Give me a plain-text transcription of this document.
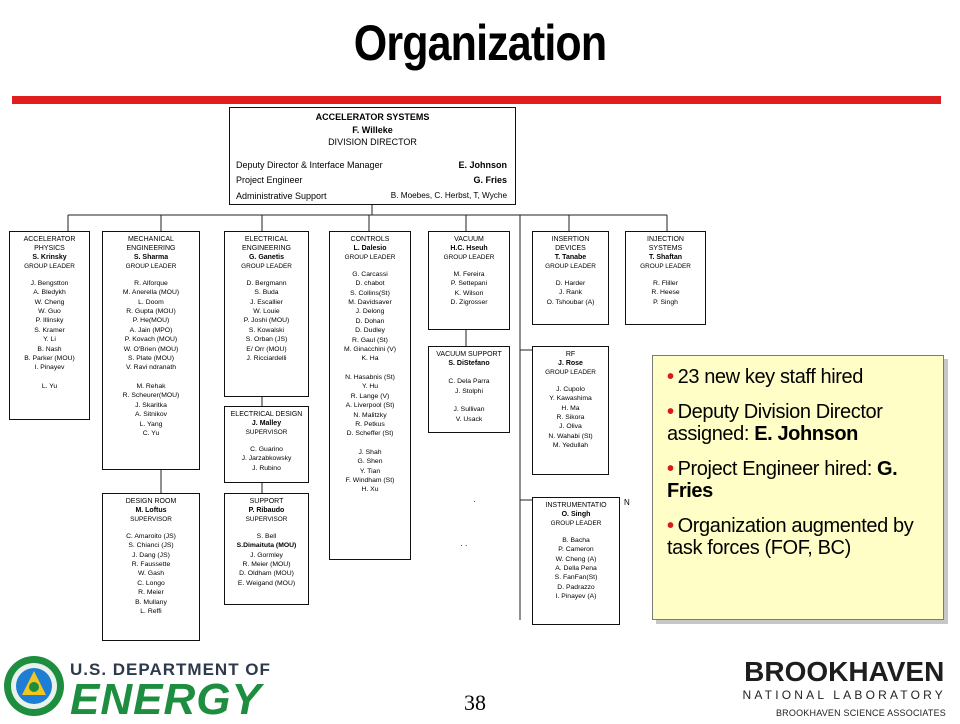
Organization
ACCELERATOR SYSTEMS
F. Willeke
DIVISION DIRECTOR
Deputy Director & Interface Manager	E. Johnson
Project Engineer	G. Fries
Administrative Support	B. Moebes, C. Herbst, T, Wyche
ACCELERATOR
PHYSICS
S. Krinsky
GROUP LEADER
J. Bengstton
A. Bledykh
W. Cheng
W. Guo
P. Illinsky
S. Kramer
Y. Li
B. Nash
B. Parker (MOU)
I. Pinayev
L. Yu
MECHANICAL
ENGINEERING
S. Sharma
GROUP LEADER
R. Alforque
M. Anerella (MOU)
L. Doom
R. Gupta (MOU)
P. He(MOU)
A. Jain (MPO)
P. Kovach (MOU)
W. O'Brien (MOU)
S. Plate (MOU)
V. Ravi ndranath
M. Rehak
R. Scheurer(MOU)
J. Skaritka
A. Sitnikov
L. Yang
C. Yu
DESIGN ROOM
M. Loftus
SUPERVISOR
C. Amaroito (JS)
S. Chianci (JS)
J. Dang (JS)
R. Faussette
W. Gash
C. Longo
R. Meier
B. Mullany
L. Reffi
ELECTRICAL
ENGINEERING
G. Ganetis
GROUP LEADER
D. Bergmann
S. Buda
J. Escallier
W. Louie
P. Joshi (MOU)
S. Kowalski
S. Orban (JS)
E/ Orr (MOU)
J. Ricciardelli
ELECTRICAL DESIGN
J. Malley
SUPERVISOR
C. Guarino
J. Jarzabkowsky
J. Rubino
SUPPORT
P. Ribaudo
SUPERVISOR
S. Bell
S.Dimaituta (MOU)
J. Gormley
R. Meier (MOU)
D. Oldham (MOU)
E. Weigand (MOU)
CONTROLS
L. Dalesio
GROUP LEADER
G. Carcassi
D. chabot
S. Collins(St)
M. Davidsaver
J. Delong
D. Dohan
D. Dudley
R. Gaul (St)
M. Ginacchini (V)
K. Ha
N. Hasabnis (St)
Y. Hu
R. Lange (V)
A. Liverpool (St)
N. Malitzky
R. Petkus
D. Scheffer (St)
J. Shah
G. Shen
Y. Tian
F. Windham (St)
H. Xu
VACUUM
H.C. Hseuh
GROUP LEADER
M. Fereira
P. Settepani
K. Wilson
D. Zigrosser
VACUUM SUPPORT
S. DiStefano
C. Dela Parra
J. Stolphi
J. Sullivan
V. Usack
INSERTION
DEVICES
T. Tanabe
GROUP LEADER
D. Harder
J. Rank
O. Tshoubar (A)
RF
J. Rose
GROUP LEADER
J. Cupolo
Y. Kawashima
H. Ma
R. Sikora
J. Oliva
N. Wahabi (St)
M. Yedullah
INSTRUMENTATIO
O. Singh
GROUP LEADER
B. Bacha
P. Cameron
W. Cheng (A)
A. Della Pena
S. FanFan(St)
D. Padrazzo
I. Pinayev (A)
INJECTION
SYSTEMS
T. Shaftan
GROUP LEADER
R. Fliller
R. Heese
P. Singh
N
·
· ·
• 23 new key staff hired
• Deputy Division Director assigned: E. Johnson
• Project Engineer hired: G. Fries
• Organization augmented by task forces (FOF, BC)
U.S. DEPARTMENT OF
ENERGY	38
BROOKHAVEN
NATIONAL LABORATORY
BROOKHAVEN SCIENCE ASSOCIATES
